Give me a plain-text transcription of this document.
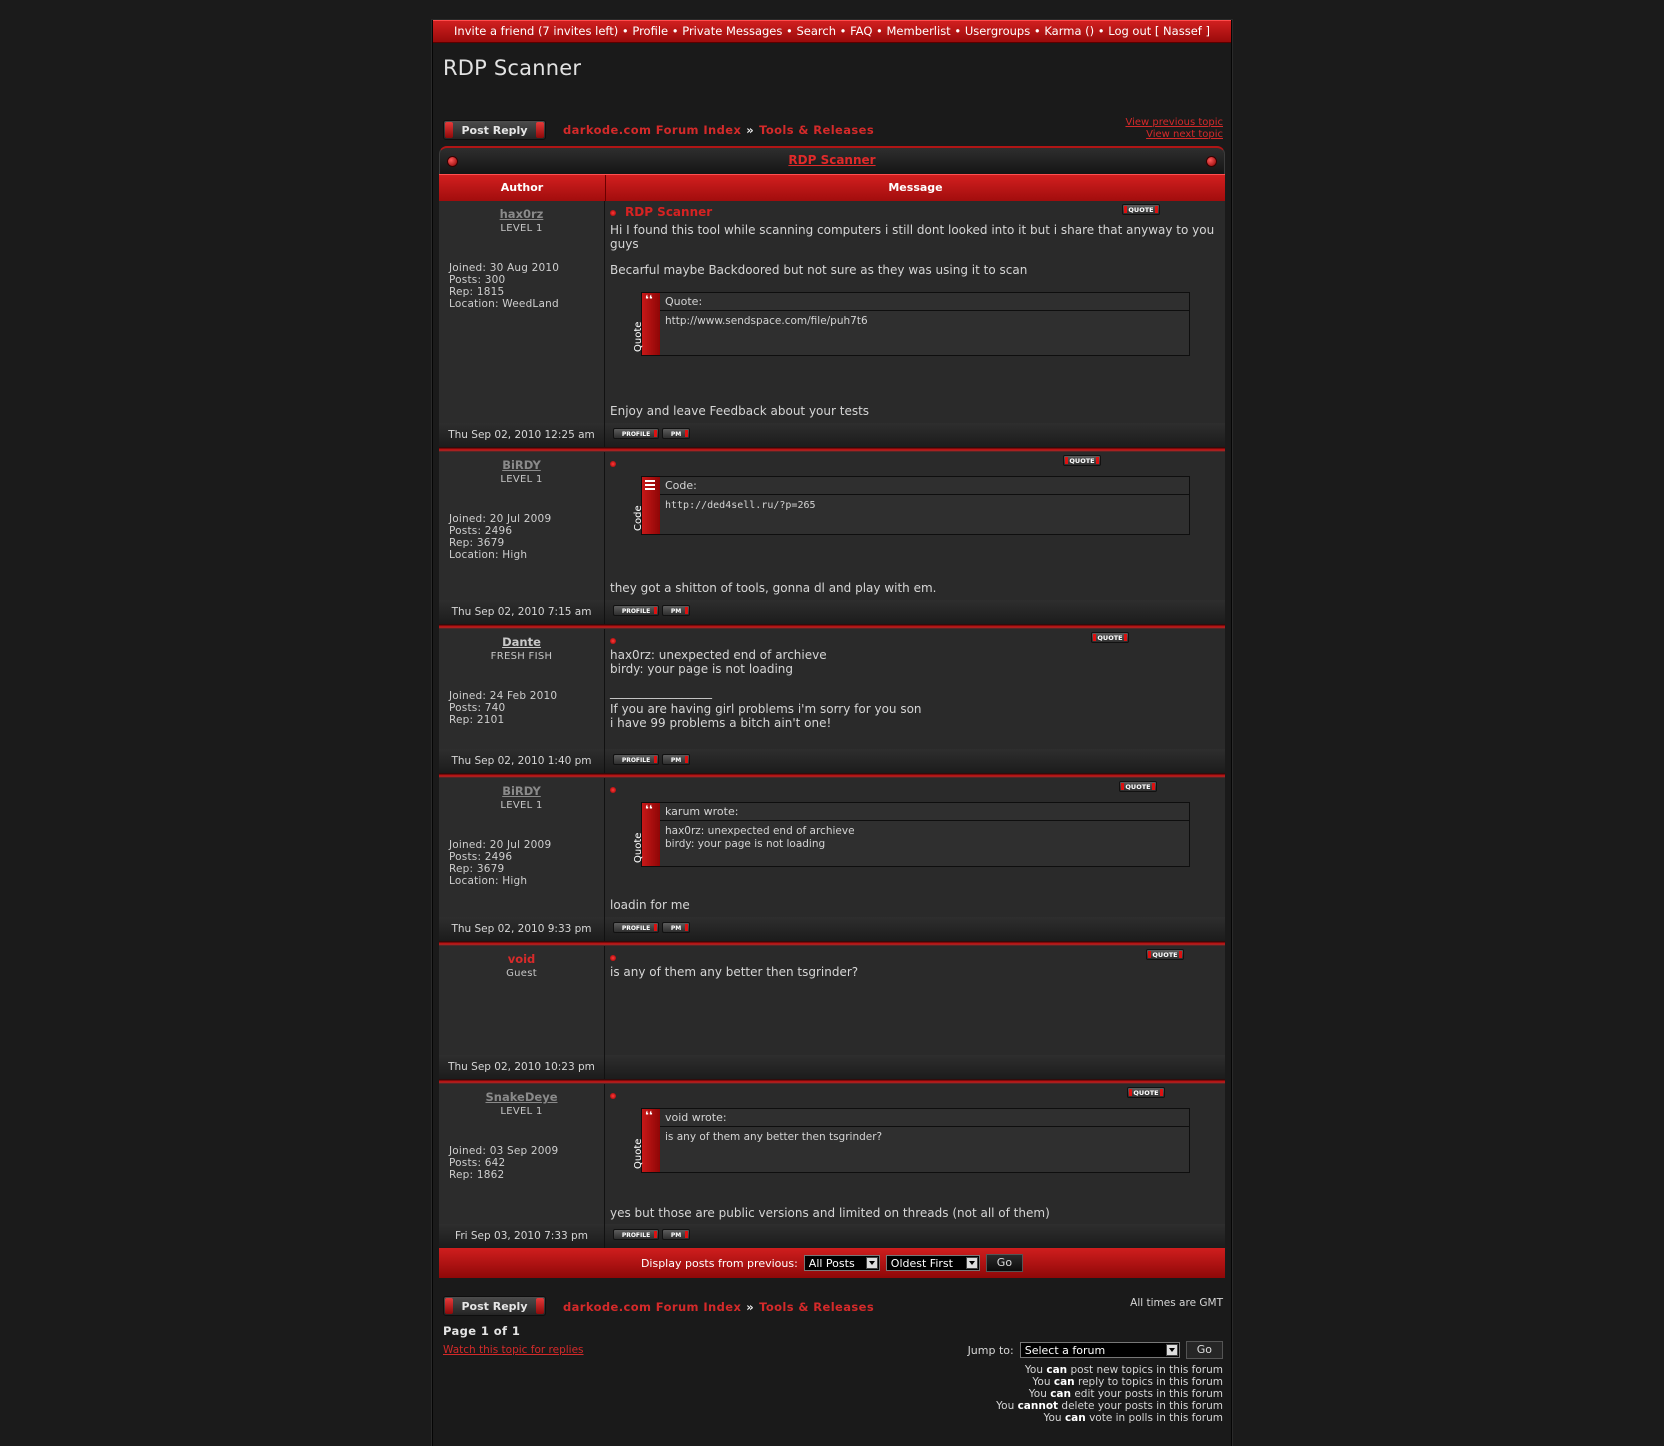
Invite a friend (7 invites left) • Profile • Private Messages • Search • FAQ • Memberlist • Usergroups • Karma () • Log out [ Nassef ]
RDP Scanner
Post Reply	darkode.com Forum Index » Tools & Releases
View previous topic
View next topic
RDP Scanner
Author	Message
hax0rz
LEVEL 1
Joined: 30 Aug 2010
Posts: 300
Rep: 1815
Location: WeedLand
RDP Scanner	QUOTE
Hi I found this tool while scanning computers i still dont looked into it but i share that anyway to you guys
Becarful maybe Backdoored but not sure as they was using it to scan
❛❛
Quote
Quote:
http://www.sendspace.com/file/puh7t6
Enjoy and leave Feedback about your tests
Thu Sep 02, 2010 12:25 am	PROFILE	PM
BiRDY
LEVEL 1
Joined: 20 Jul 2009
Posts: 2496
Rep: 3679
Location: High
QUOTE
Code
Code:
http://ded4sell.ru/?p=265
they got a shitton of tools, gonna dl and play with em.
Thu Sep 02, 2010 7:15 am	PROFILE	PM
Dante
FRESH FISH
Joined: 24 Feb 2010
Posts: 740
Rep: 2101
QUOTE
hax0rz: unexpected end of archieve
birdy: your page is not loading
_________________
If you are having girl problems i'm sorry for you son
i have 99 problems a bitch ain't one!
Thu Sep 02, 2010 1:40 pm	PROFILE	PM
BiRDY
LEVEL 1
Joined: 20 Jul 2009
Posts: 2496
Rep: 3679
Location: High
QUOTE
❛❛
Quote
karum wrote:
hax0rz: unexpected end of archieve
birdy: your page is not loading
loadin for me
Thu Sep 02, 2010 9:33 pm	PROFILE	PM
void
Guest
QUOTE
is any of them any better then tsgrinder?
Thu Sep 02, 2010 10:23 pm
SnakeDeye
LEVEL 1
Joined: 03 Sep 2009
Posts: 642
Rep: 1862
QUOTE
❛❛
Quote
void wrote:
is any of them any better then tsgrinder?
yes but those are public versions and limited on threads (not all of them)
Fri Sep 03, 2010 7:33 pm	PROFILE	PM
Display posts from previous:	All Posts	Oldest First	Go
Post Reply	darkode.com Forum Index » Tools & Releases	All times are GMT
Page 1 of 1
Watch this topic for replies	Jump to:	Select a forum	Go
You can post new topics in this forum
You can reply to topics in this forum
You can edit your posts in this forum
You cannot delete your posts in this forum
You can vote in polls in this forum
